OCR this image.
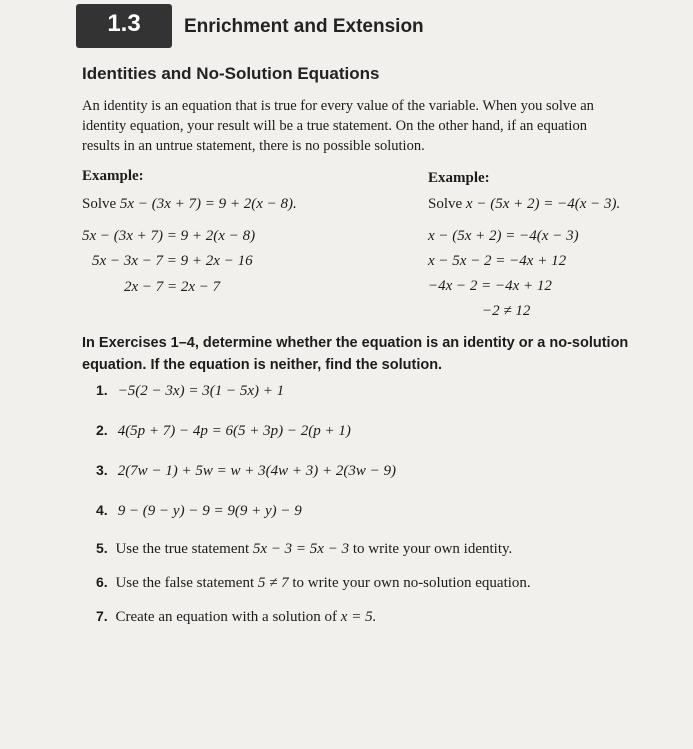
1.3	Enrichment and Extension
Identities and No-Solution Equations
An identity is an equation that is true for every value of the variable. When you solve an identity equation, your result will be a true statement. On the other hand, if an equation results in an untrue statement, there is no possible solution.
Example:
Solve 5x − (3x + 7) = 9 + 2(x − 8).
5x − (3x + 7) = 9 + 2(x − 8)
5x − 3x − 7 = 9 + 2x − 16
2x − 7 = 2x − 7
Example:
Solve x − (5x + 2) = −4(x − 3).
x − (5x + 2) = −4(x − 3)
x − 5x − 2 = −4x + 12
−4x − 2 = −4x + 12
−2 ≠ 12
In Exercises 1–4, determine whether the equation is an identity or a no-solution equation. If the equation is neither, find the solution.
1. −5(2 − 3x) = 3(1 − 5x) + 1
2. 4(5p + 7) − 4p = 6(5 + 3p) − 2(p + 1)
3. 2(7w − 1) + 5w = w + 3(4w + 3) + 2(3w − 9)
4. 9 − (9 − y) − 9 = 9(9 + y) − 9
5. Use the true statement 5x − 3 = 5x − 3 to write your own identity.
6. Use the false statement 5 ≠ 7 to write your own no-solution equation.
7. Create an equation with a solution of x = 5.
